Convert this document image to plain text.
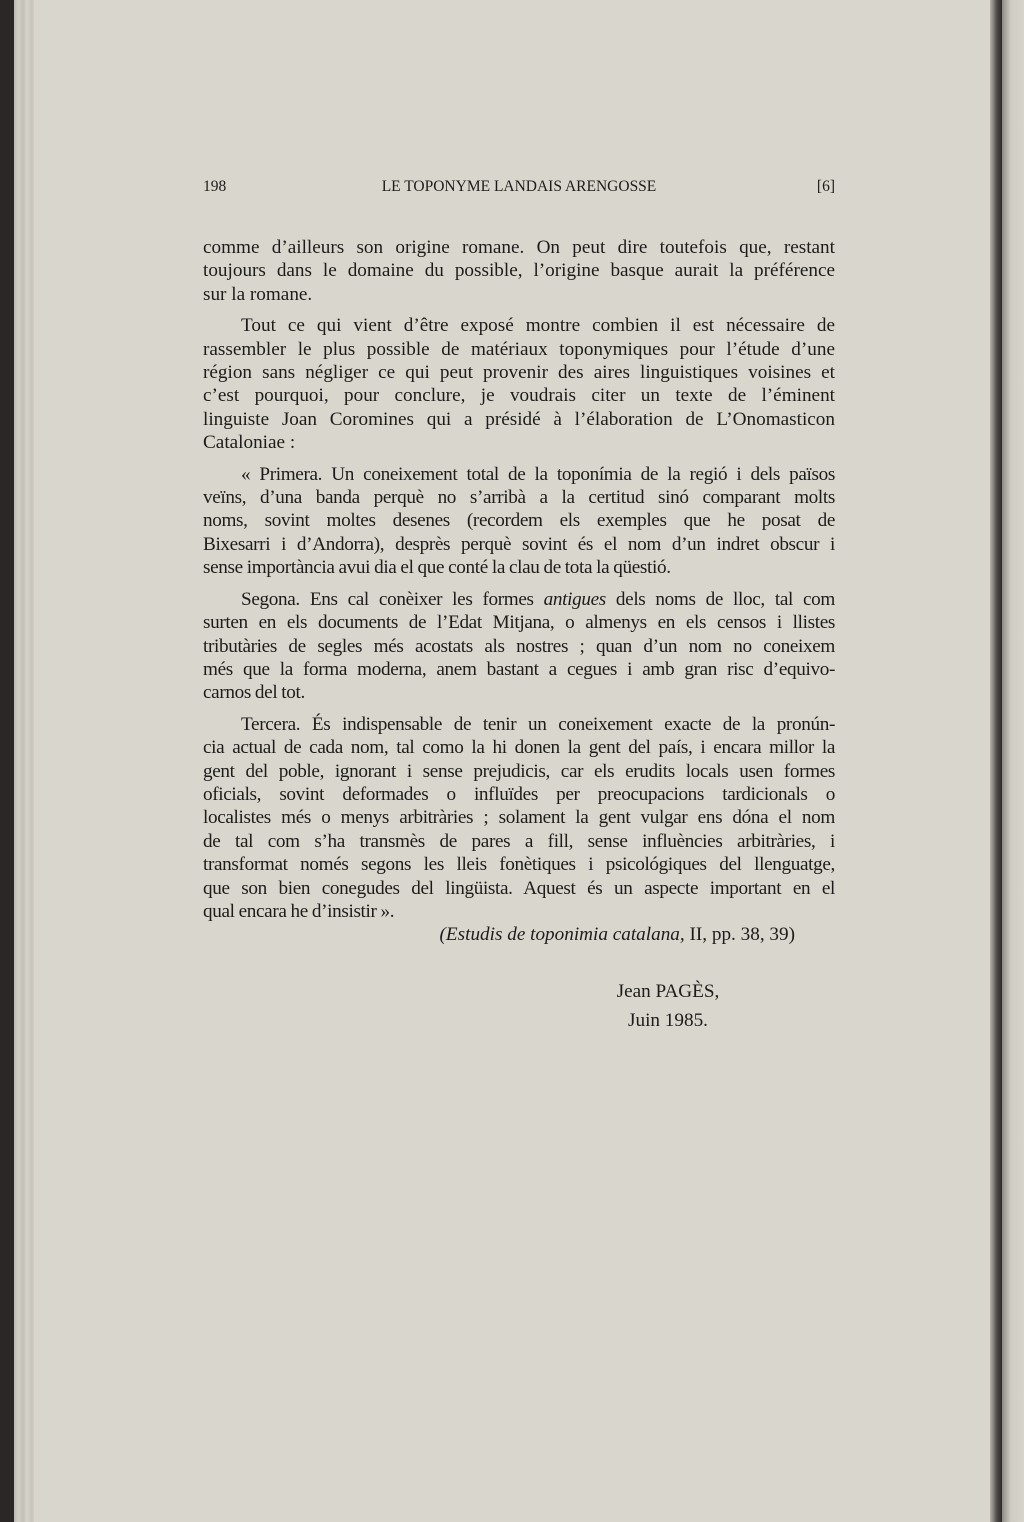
198	LE TOPONYME LANDAIS ARENGOSSE	[6]

comme d’ailleurs son origine romane. On peut dire toutefois que, restant
toujours dans le domaine du possible, l’origine basque aurait la préférence
sur la romane.

Tout ce qui vient d’être exposé montre combien il est nécessaire de
rassembler le plus possible de matériaux toponymiques pour l’étude d’une
région sans négliger ce qui peut provenir des aires linguistiques voisines et
c’est pourquoi, pour conclure, je voudrais citer un texte de l’éminent
linguiste Joan Coromines qui a présidé à l’élaboration de L’Onomasticon
Cataloniae :

« Primera. Un coneixement total de la toponímia de la regió i dels països
veïns, d’una banda perquè no s’arribà a la certitud sinó comparant molts
noms, sovint moltes desenes (recordem els exemples que he posat de
Bixesarri i d’Andorra), desprès perquè sovint és el nom d’un indret obscur i
sense importància avui dia el que conté la clau de tota la qüestió.

Segona. Ens cal conèixer les formes antigues dels noms de lloc, tal com
surten en els documents de l’Edat Mitjana, o almenys en els censos i llistes
tributàries de segles més acostats als nostres ; quan d’un nom no coneixem
més que la forma moderna, anem bastant a cegues i amb gran risc d’equivo-
carnos del tot.

Tercera. És indispensable de tenir un coneixement exacte de la pronún-
cia actual de cada nom, tal como la hi donen la gent del país, i encara millor la
gent del poble, ignorant i sense prejudicis, car els erudits locals usen formes
oficials, sovint deformades o influïdes per preocupacions tardicionals o
localistes més o menys arbitràries ; solament la gent vulgar ens dóna el nom
de tal com s’ha transmès de pares a fill, sense influències arbitràries, i
transformat només segons les lleis fonètiques i psicológiques del llenguatge,
que son bien conegudes del lingüista. Aquest és un aspecte important en el
qual encara he d’insistir ».

(Estudis de toponimia catalana, II, pp. 38, 39)
Jean PAGÈS,
Juin 1985.
